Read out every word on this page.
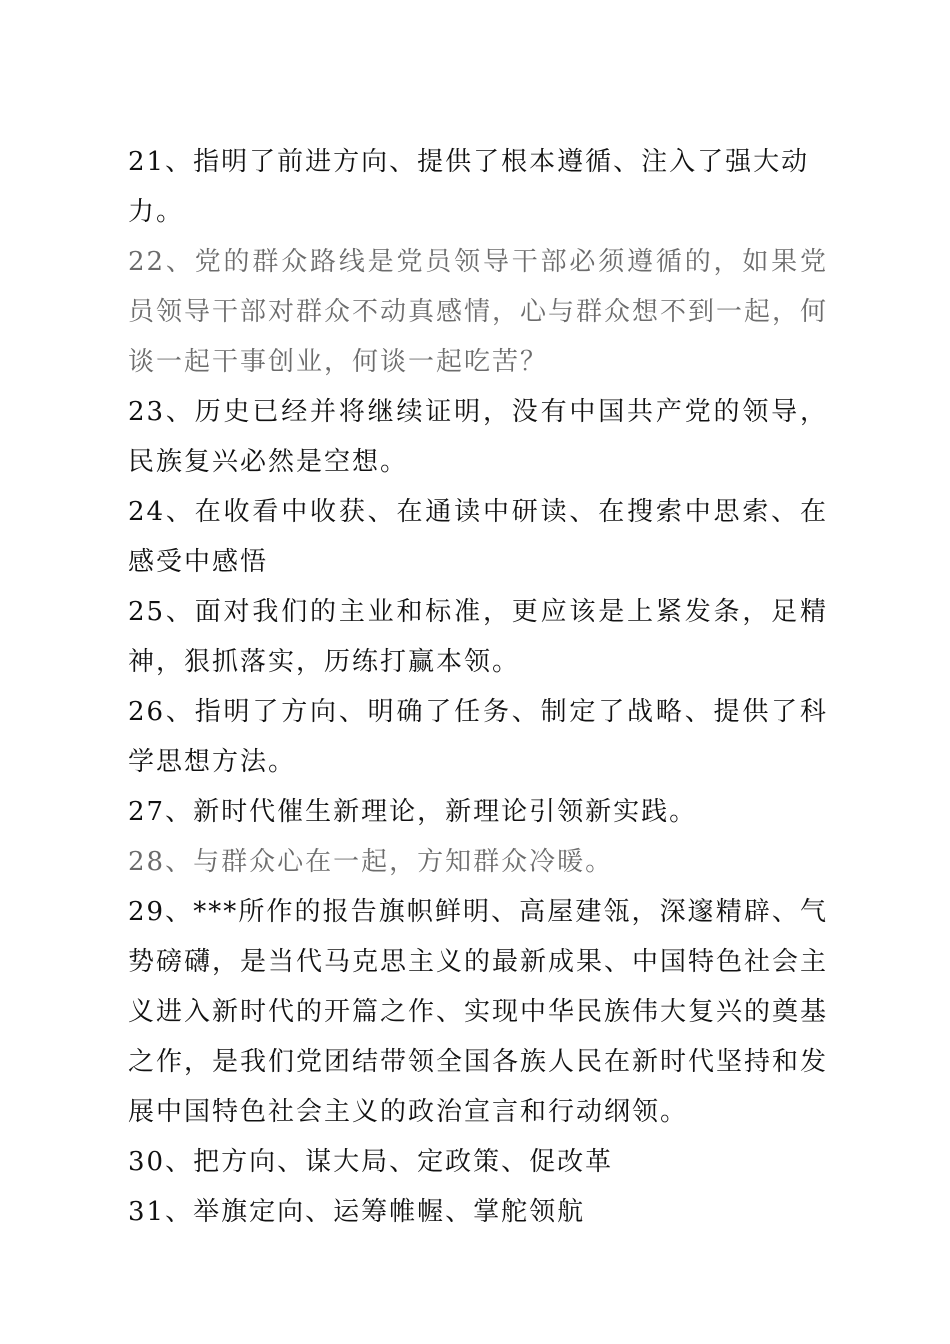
21、指明了前进方向、提供了根本遵循、注入了强大动力。

22、党的群众路线是党员领导干部必须遵循的，如果党员领导干部对群众不动真感情，心与群众想不到一起，何谈一起干事创业，何谈一起吃苦？

23、历史已经并将继续证明，没有中国共产党的领导，民族复兴必然是空想。

24、在收看中收获、在通读中研读、在搜索中思索、在感受中感悟

25、面对我们的主业和标准，更应该是上紧发条，足精神，狠抓落实，历练打赢本领。

26、指明了方向、明确了任务、制定了战略、提供了科学思想方法。

27、新时代催生新理论，新理论引领新实践。

28、与群众心在一起，方知群众冷暖。

29、***所作的报告旗帜鲜明、高屋建瓴，深邃精辟、气势磅礴，是当代马克思主义的最新成果、中国特色社会主义进入新时代的开篇之作、实现中华民族伟大复兴的奠基之作，是我们党团结带领全国各族人民在新时代坚持和发展中国特色社会主义的政治宣言和行动纲领。

30、把方向、谋大局、定政策、促改革

31、举旗定向、运筹帷幄、掌舵领航
